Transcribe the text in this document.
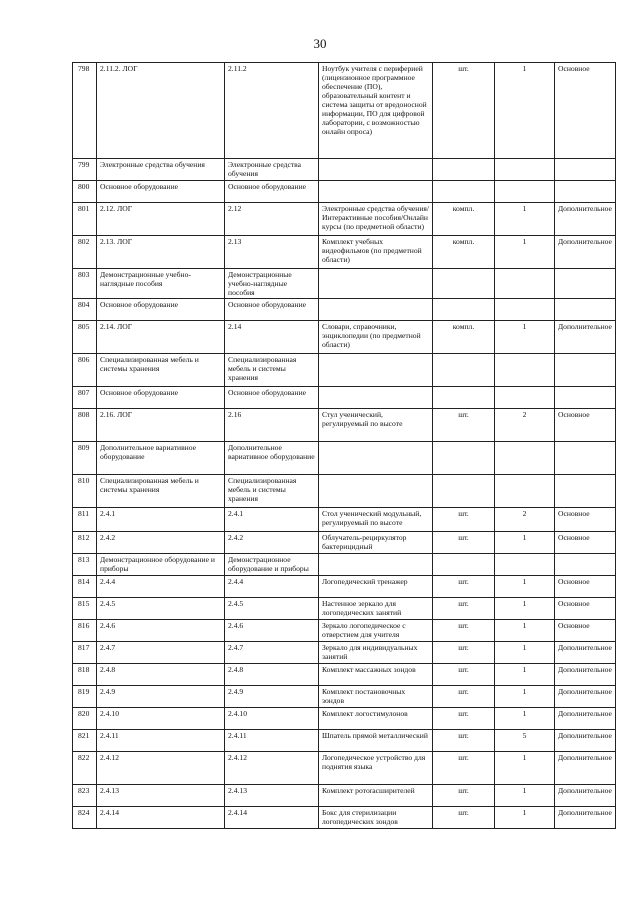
30
798	2.11.2. ЛОГ	2.11.2	Ноутбук учителя с периферией (лицензионное программное обеспечение (ПО), образовательный контент и система защиты от вредоносной информации, ПО для цифровой лаборатории, с возможностью онлайн опроса)	шт.	1	Основное
799	Электронные средства обучения	Электронные средства обучения				
800	Основное оборудование	Основное оборудование				
801	2.12. ЛОГ	2.12	Электронные средства обучения/Интерактивные пособия/Онлайн курсы (по предметной области)	компл.	1	Дополнительное
802	2.13. ЛОГ	2.13	Комплект учебных видеофильмов (по предметной области)	компл.	1	Дополнительное
803	Демонстрационные учебно-наглядные пособия	Демонстрационные учебно-наглядные пособия				
804	Основное оборудование	Основное оборудование				
805	2.14. ЛОГ	2.14	Словари, справочники, энциклопедии (по предметной области)	компл.	1	Дополнительное
806	Специализированная мебель и системы хранения	Специализированная мебель и системы хранения				
807	Основное оборудование	Основное оборудование				
808	2.16. ЛОГ	2.16	Стул ученический, регулируемый по высоте	шт.	2	Основное
809	Дополнительное вариативное оборудование	Дополнительное вариативное оборудование				
810	Специализированная мебель и системы хранения	Специализированная мебель и системы хранения				
811	2.4.1	2.4.1	Стол ученический модульный, регулируемый по высоте	шт.	2	Основное
812	2.4.2	2.4.2	Облучатель-рециркулятор бактерицидный	шт.	1	Основное
813	Демонстрационное оборудование и приборы	Демонстрационное оборудование и приборы				
814	2.4.4	2.4.4	Логопедический тренажер	шт.	1	Основное
815	2.4.5	2.4.5	Настенное зеркало для логопедических занятий	шт.	1	Основное
816	2.4.6	2.4.6	Зеркало логопедическое с отверстием для учителя	шт.	1	Основное
817	2.4.7	2.4.7	Зеркало для индивидуальных занятий	шт.	1	Дополнительное
818	2.4.8	2.4.8	Комплект массажных зондов	шт.	1	Дополнительное
819	2.4.9	2.4.9	Комплект постановочных зондов	шт.	1	Дополнительное
820	2.4.10	2.4.10	Комплект логостимулонов	шт.	1	Дополнительное
821	2.4.11	2.4.11	Шпатель прямой металлический	шт.	5	Дополнительное
822	2.4.12	2.4.12	Логопедическое устройство для поднятия языка	шт.	1	Дополнительное
823	2.4.13	2.4.13	Комплект ротorасширителей	шт.	1	Дополнительное
824	2.4.14	2.4.14	Бокс для стерилизации логопедических зондов	шт.	1	Дополнительное
